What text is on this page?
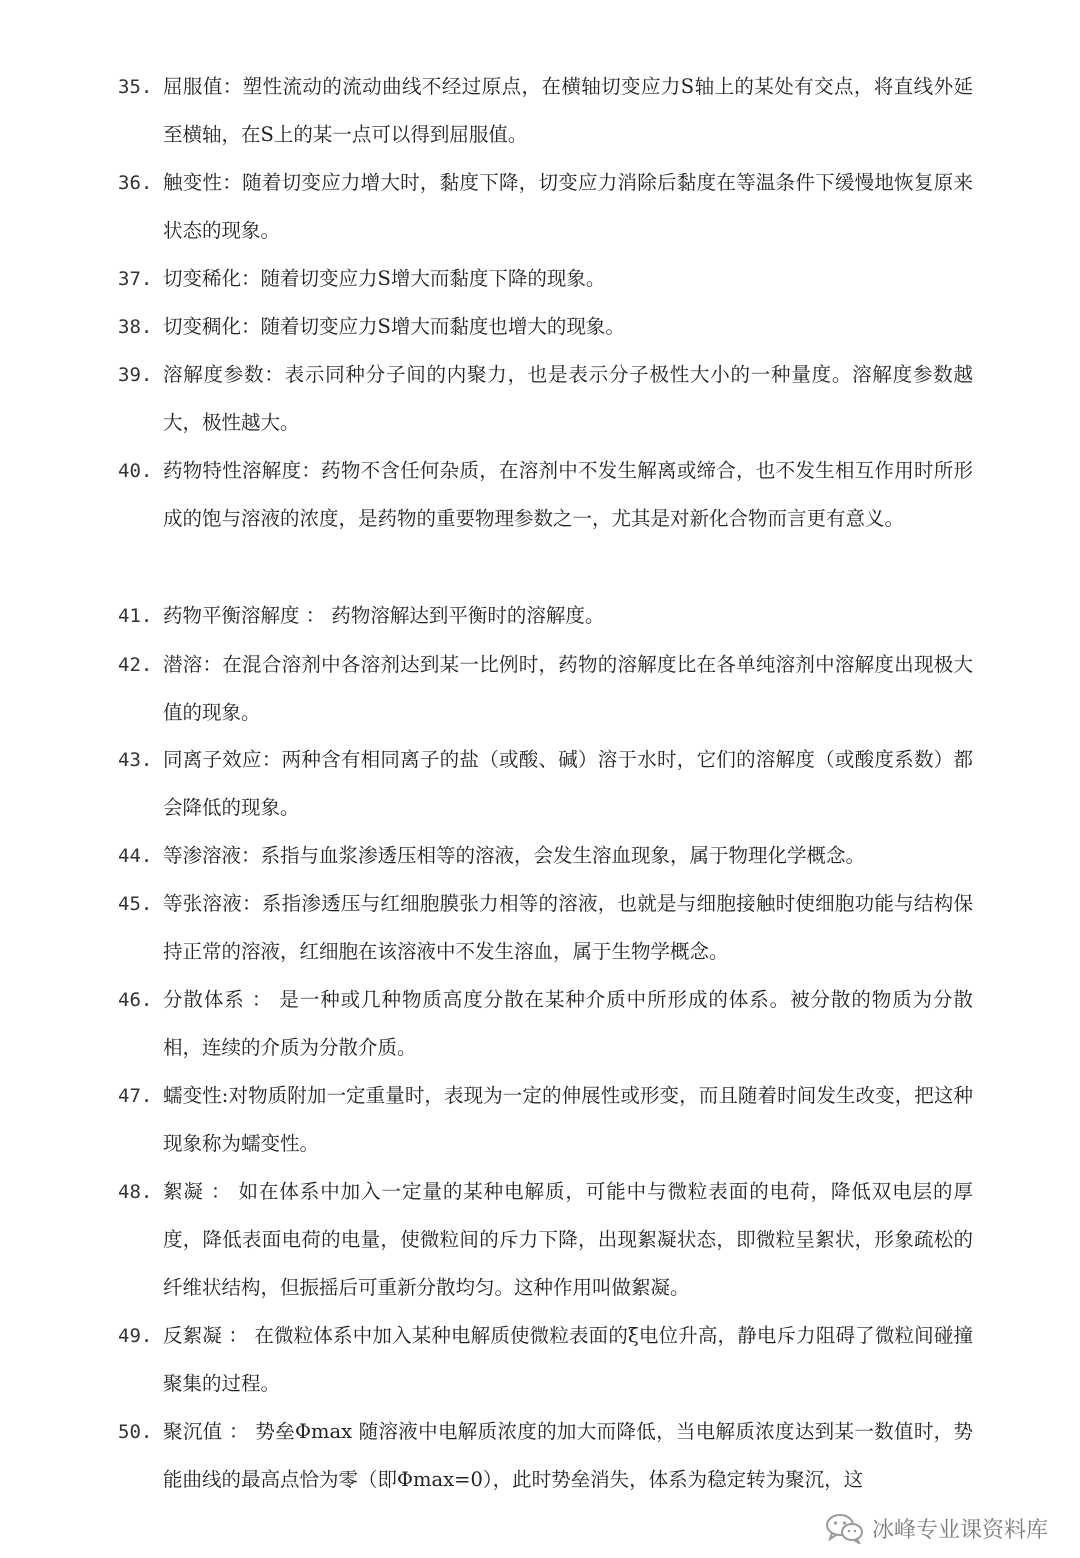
35. 屈服值：塑性流动的流动曲线不经过原点，在横轴切变应力S轴上的某处有交点，将直线外延至横轴，在S上的某一点可以得到屈服值。
36. 触变性：随着切变应力增大时，黏度下降，切变应力消除后黏度在等温条件下缓慢地恢复原来状态的现象。
37. 切变稀化：随着切变应力S增大而黏度下降的现象。
38. 切变稠化：随着切变应力S增大而黏度也增大的现象。
39. 溶解度参数：表示同种分子间的内聚力，也是表示分子极性大小的一种量度。溶解度参数越大，极性越大。
40. 药物特性溶解度：药物不含任何杂质，在溶剂中不发生解离或缔合，也不发生相互作用时所形成的饱与溶液的浓度，是药物的重要物理参数之一，尤其是对新化合物而言更有意义。
41. 药物平衡溶解度 ： 药物溶解达到平衡时的溶解度。
42. 潜溶：在混合溶剂中各溶剂达到某一比例时，药物的溶解度比在各单纯溶剂中溶解度出现极大值的现象。
43. 同离子效应：两种含有相同离子的盐（或酸、碱）溶于水时，它们的溶解度（或酸度系数）都会降低的现象。
44. 等渗溶液：系指与血浆渗透压相等的溶液，会发生溶血现象，属于物理化学概念。
45. 等张溶液：系指渗透压与红细胞膜张力相等的溶液，也就是与细胞接触时使细胞功能与结构保持正常的溶液，红细胞在该溶液中不发生溶血，属于生物学概念。
46. 分散体系 ： 是一种或几种物质高度分散在某种介质中所形成的体系。被分散的物质为分散相，连续的介质为分散介质。
47. 蠕变性:对物质附加一定重量时，表现为一定的伸展性或形变，而且随着时间发生改变，把这种现象称为蠕变性。
48. 絮凝 ： 如在体系中加入一定量的某种电解质，可能中与微粒表面的电荷，降低双电层的厚度，降低表面电荷的电量，使微粒间的斥力下降，出现絮凝状态，即微粒呈絮状，形象疏松的纤维状结构，但振摇后可重新分散均匀。这种作用叫做絮凝。
49. 反絮凝 ： 在微粒体系中加入某种电解质使微粒表面的ξ电位升高，静电斥力阻碍了微粒间碰撞聚集的过程。
50. 聚沉值 ： 势垒Φmax 随溶液中电解质浓度的加大而降低，当电解质浓度达到某一数值时，势能曲线的最高点恰为零（即Φmax=0），此时势垒消失，体系为稳定转为聚沉，这
冰峰专业课资料库
